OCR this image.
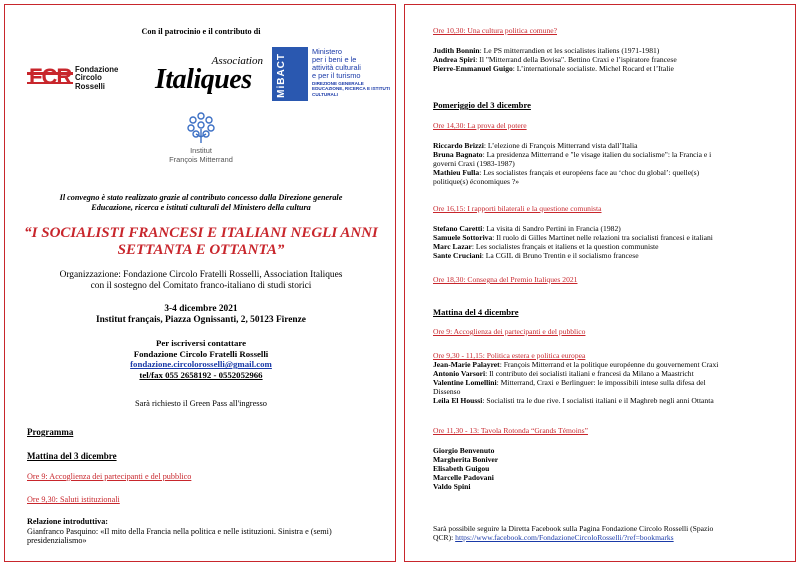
Con il patrocinio e il contributo di
FCR Fondazione
Circolo
Rosselli
Association
Italiques MiBACT
Ministero
per i beni e le
attività culturali
e per il turismo
DIREZIONE GENERALE EDUCAZIONE, RICERCA E ISTITUTI CULTURALI
Institut
François Mitterrand
Il convegno è stato realizzato grazie al contributo concesso dalla Direzione generale
Educazione, ricerca e istituti culturali del Ministero della cultura
“I SOCIALISTI FRANCESI E ITALIANI NEGLI ANNI
SETTANTA E OTTANTA”
Organizzazione: Fondazione Circolo Fratelli Rosselli, Association Italiques
con il sostegno del Comitato franco-italiano di studi storici
3-4 dicembre 2021
Institut français, Piazza Ognissanti, 2, 50123 Firenze
Per iscriversi contattare
Fondazione Circolo Fratelli Rosselli
fondazione.circolorosselli@gmail.com
tel/fax 055 2658192 - 0552052966
Sarà richiesto il Green Pass all'ingresso
Programma
Mattina del 3 dicembre
Ore 9: Accoglienza dei partecipanti e del pubblico
Ore 9,30: Saluti istituzionali
Relazione introduttiva:
Gianfranco Pasquino: «Il mito della Francia nella politica e nelle istituzioni. Sinistra e (semi)
presidenzialismo»
Ore 10,30: Una cultura politica comune?
Judith Bonnin: Le PS mitterrandien et les socialistes italiens (1971-1981)
Andrea Spiri: Il "Mitterrand della Bovisa". Bettino Craxi e l’ispiratore francese
Pierre-Emmanuel Guigo: L’internationale socialiste. Michel Rocard et l’Italie
Pomeriggio del 3 dicembre
Ore 14,30: La prova del potere
Riccardo Brizzi: L’elezione di François Mitterrand vista dall’Italia
Bruna Bagnato: La presidenza Mitterrand e "le visage italien du socialisme": la Francia e i
governi Craxi (1983-1987)
Mathieu Fulla: Les socialistes français et européens face au ‘choc du global’: quelle(s)
politique(s) économiques ?»
Ore 16,15: I rapporti bilaterali e la questione comunista
Stefano Caretti: La visita di Sandro Pertini in Francia (1982)
Samuele Sottoriva: Il ruolo di Gilles Martinet nelle relazioni tra socialisti francesi e italiani
Marc Lazar: Les socialistes français et italiens et la question communiste
Sante Cruciani: La CGIL di Bruno Trentin e il socialismo francese
Ore 18,30: Consegna del Premio Italiques 2021
Mattina del 4 dicembre
Ore 9: Accoglienza dei partecipanti e del pubblico
Ore 9,30 - 11,15: Politica estera e politica europea
Jean-Marie Palayret: François Mitterrand et la politique européenne du gouvernement Craxi
Antonio Varsori: Il contributo dei socialisti italiani e francesi da Milano a Maastricht
Valentine Lomellini: Mitterrand, Craxi e Berlinguer: le impossibili intese sulla difesa del
Dissenso
Leila El Houssi: Socialisti tra le due rive. I socialisti italiani e il Maghreb negli anni Ottanta
Ore 11,30 - 13: Tavola Rotonda “Grands Témoins”
Giorgio Benvenuto
Margherita Boniver
Elisabeth Guigou
Marcelle Padovani
Valdo Spini
Sarà possibile seguire la Diretta Facebook sulla Pagina Fondazione Circolo Rosselli (Spazio
QCR): https://www.facebook.com/FondazioneCircoloRosselli/?ref=bookmarks
